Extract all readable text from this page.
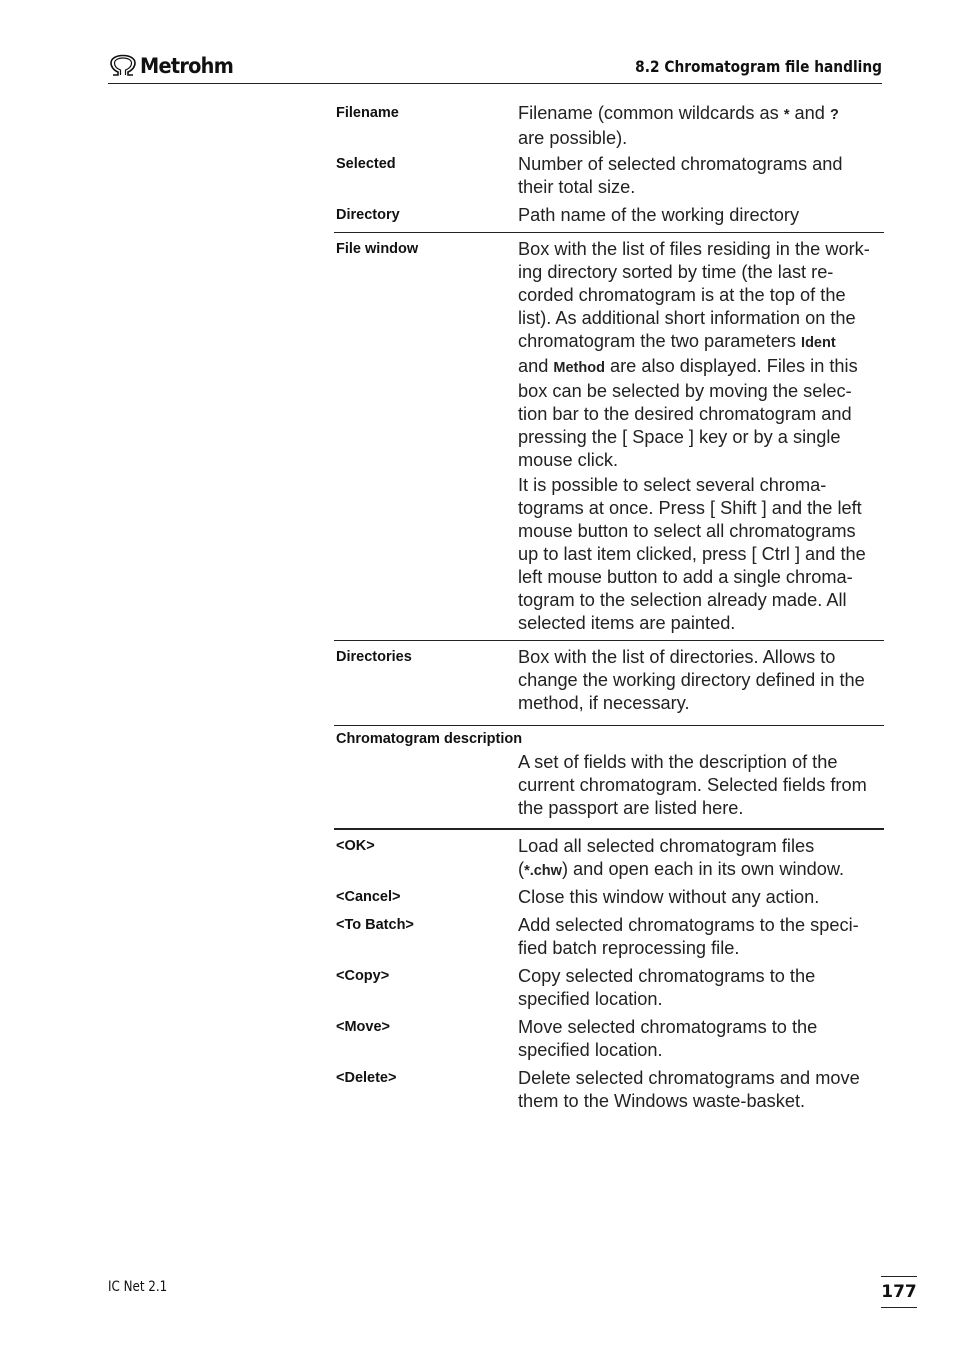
Metrohm	8.2 Chromatogram file handling
Filename	Filename (common wildcards as * and ?
are possible).
Selected	Number of selected chromatograms and
their total size.
Directory	Path name of the working directory
File window	Box with the list of files residing in the work-
ing directory sorted by time (the last re-
corded chromatogram is at the top of the
list). As additional short information on the
chromatogram the two parameters Ident
and Method are also displayed. Files in this
box can be selected by moving the selec-
tion bar to the desired chromatogram and
pressing the [ Space ] key or by a single
mouse click.
It is possible to select several chroma-
tograms at once. Press [ Shift ] and the left
mouse button to select all chromatograms
up to last item clicked, press [ Ctrl ] and the
left mouse button to add a single chroma-
togram to the selection already made. All
selected items are painted.
Directories	Box with the list of directories. Allows to
change the working directory defined in the
method, if necessary.
Chromatogram description
A set of fields with the description of the
current chromatogram. Selected fields from
the passport are listed here.
<OK>	Load all selected chromatogram files
(*.chw) and open each in its own window.
<Cancel>	Close this window without any action.
<To Batch>	Add selected chromatograms to the speci-
fied batch reprocessing file.
<Copy>	Copy selected chromatograms to the
specified location.
<Move>	Move selected chromatograms to the
specified location.
<Delete>	Delete selected chromatograms and move
them to the Windows waste-basket.
IC Net 2.1	177
